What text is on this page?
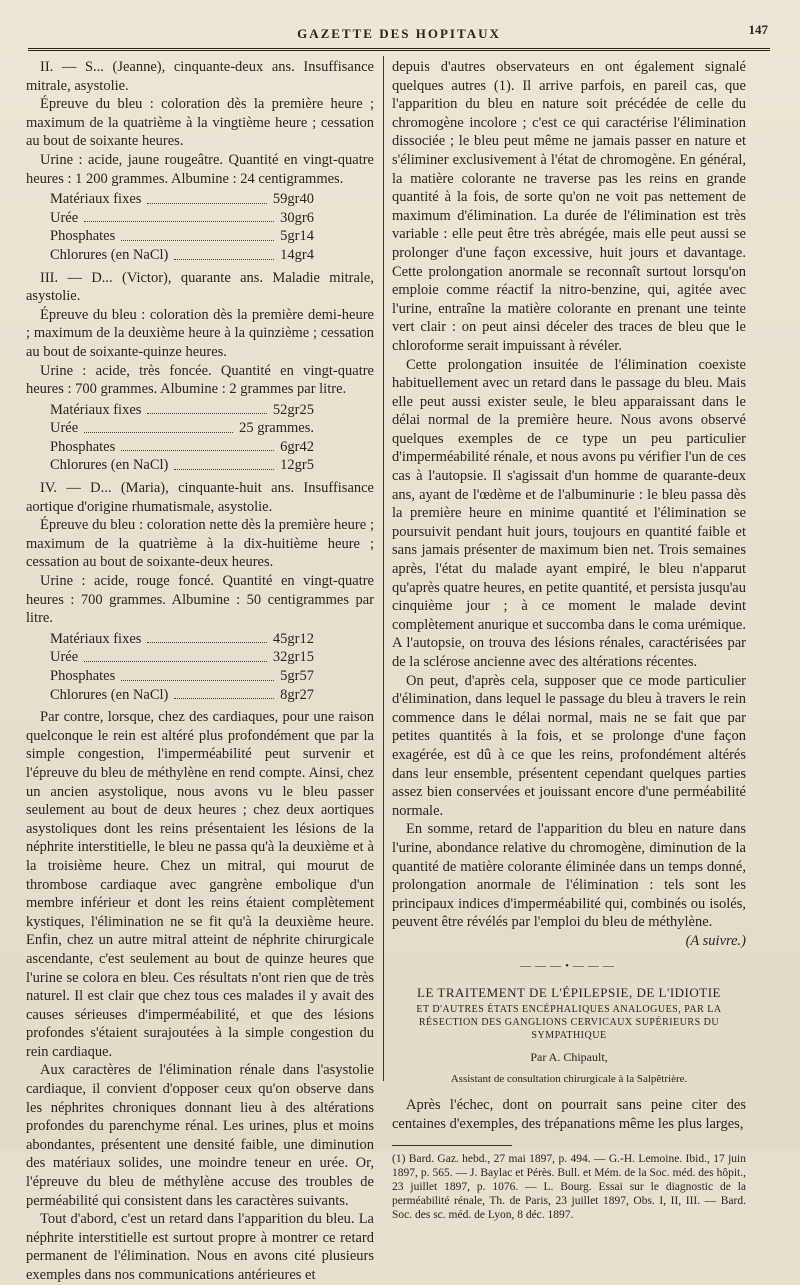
GAZETTE DES HOPITAUX	147

II. — S... (Jeanne), cinquante-deux ans. Insuffisance mitrale, asystolie.

Épreuve du bleu : coloration dès la première heure ; maximum de la quatrième à la vingtième heure ; cessation au bout de soixante heures.

Urine : acide, jaune rougeâtre. Quantité en vingt-quatre heures : 1 200 grammes. Albumine : 24 centigrammes.

Matériaux fixes	59gr40
Urée	30gr6
Phosphates	5gr14
Chlorures (en NaCl)	14gr4

III. — D... (Victor), quarante ans. Maladie mitrale, asystolie.

Épreuve du bleu : coloration dès la première demi-heure ; maximum de la deuxième heure à la quinzième ; cessation au bout de soixante-quinze heures.

Urine : acide, très foncée. Quantité en vingt-quatre heures : 700 grammes. Albumine : 2 grammes par litre.

Matériaux fixes	52gr25
Urée	25 grammes.
Phosphates	6gr42
Chlorures (en NaCl)	12gr5

IV. — D... (Maria), cinquante-huit ans. Insuffisance aortique d'origine rhumatismale, asystolie.

Épreuve du bleu : coloration nette dès la première heure ; maximum de la quatrième à la dix-huitième heure ; cessation au bout de soixante-deux heures.

Urine : acide, rouge foncé. Quantité en vingt-quatre heures : 700 grammes. Albumine : 50 centigrammes par litre.

Matériaux fixes	45gr12
Urée	32gr15
Phosphates	5gr57
Chlorures (en NaCl)	8gr27

Par contre, lorsque, chez des cardiaques, pour une raison quelconque le rein est altéré plus profondément que par la simple congestion, l'imperméabilité peut survenir et l'épreuve du bleu de méthylène en rend compte. Ainsi, chez un ancien asystolique, nous avons vu le bleu passer seulement au bout de deux heures ; chez deux aortiques asystoliques dont les reins présentaient les lésions de la néphrite interstitielle, le bleu ne passa qu'à la deuxième et à la troisième heure. Chez un mitral, qui mourut de thrombose cardiaque avec gangrène embolique d'un membre inférieur et dont les reins étaient complètement kystiques, l'élimination ne se fit qu'à la deuxième heure. Enfin, chez un autre mitral atteint de néphrite chirurgicale ascendante, c'est seulement au bout de quinze heures que l'urine se colora en bleu. Ces résultats n'ont rien que de très naturel. Il est clair que chez tous ces malades il y avait des causes sérieuses d'imperméabilité, et que des lésions profondes s'étaient surajoutées à la simple congestion du rein cardiaque.

Aux caractères de l'élimination rénale dans l'asystolie cardiaque, il convient d'opposer ceux qu'on observe dans les néphrites chroniques donnant lieu à des altérations profondes du parenchyme rénal. Les urines, plus et moins abondantes, présentent une densité faible, une diminution des matériaux solides, une moindre teneur en urée. Or, l'épreuve du bleu de méthylène accuse des troubles de perméabilité qui consistent dans les caractères suivants.

Tout d'abord, c'est un retard dans l'apparition du bleu. La néphrite interstitielle est surtout propre à montrer ce retard permanent de l'élimination. Nous en avons cité plusieurs exemples dans nos communications antérieures et

depuis d'autres observateurs en ont également signalé quelques autres (1). Il arrive parfois, en pareil cas, que l'apparition du bleu en nature soit précédée de celle du chromogène incolore ; c'est ce qui caractérise l'élimination dissociée ; le bleu peut même ne jamais passer en nature et s'éliminer exclusivement à l'état de chromogène. En général, la matière colorante ne traverse pas les reins en grande quantité à la fois, de sorte qu'on ne voit pas nettement de maximum d'élimination. La durée de l'élimination est très variable : elle peut être très abrégée, mais elle peut aussi se prolonger d'une façon excessive, huit jours et davantage. Cette prolongation anormale se reconnaît surtout lorsqu'on emploie comme réactif la nitro-benzine, qui, agitée avec l'urine, entraîne la matière colorante en prenant une teinte vert clair : on peut ainsi déceler des traces de bleu que le chloroforme serait impuissant à révéler.

Cette prolongation insuitée de l'élimination coexiste habituellement avec un retard dans le passage du bleu. Mais elle peut aussi exister seule, le bleu apparaissant dans le délai normal de la première heure. Nous avons observé quelques exemples de ce type un peu particulier d'imperméabilité rénale, et nous avons pu vérifier l'un de ces cas à l'autopsie. Il s'agissait d'un homme de quarante-deux ans, ayant de l'œdème et de l'albuminurie : le bleu passa dès la première heure en minime quantité et l'élimination se poursuivit pendant huit jours, toujours en quantité faible et sans jamais présenter de maximum bien net. Trois semaines après, l'état du malade ayant empiré, le bleu n'apparut qu'après quatre heures, en petite quantité, et persista jusqu'au cinquième jour ; à ce moment le malade devint complètement anurique et succomba dans le coma urémique. A l'autopsie, on trouva des lésions rénales, caractérisées par de la sclérose ancienne avec des altérations récentes.

On peut, d'après cela, supposer que ce mode particulier d'élimination, dans lequel le passage du bleu à travers le rein commence dans le délai normal, mais ne se fait que par petites quantités à la fois, et se prolonge d'une façon exagérée, est dû à ce que les reins, profondément altérés dans leur ensemble, présentent cependant quelques parties assez bien conservées et jouissant encore d'une perméabilité normale.

En somme, retard de l'apparition du bleu en nature dans l'urine, abondance relative du chromogène, diminution de la quantité de matière colorante éliminée dans un temps donné, prolongation anormale de l'élimination : tels sont les principaux indices d'imperméabilité qui, combinés ou isolés, peuvent être révélés par l'emploi du bleu de méthylène.

(A suivre.)

———•———
LE TRAITEMENT DE L'ÉPILEPSIE, DE L'IDIOTIE
ET D'AUTRES ÉTATS ENCÉPHALIQUES ANALOGUES, PAR LA RÉSECTION DES GANGLIONS CERVICAUX SUPÉRIEURS DU SYMPATHIQUE
Par A. Chipault,
Assistant de consultation chirurgicale à la Salpêtrière.

Après l'échec, dont on pourrait sans peine citer des centaines d'exemples, des trépanations même les plus larges,

(1) Bard. Gaz. hebd., 27 mai 1897, p. 494. — G.-H. Lemoine. Ibid., 17 juin 1897, p. 565. — J. Baylac et Pérès. Bull. et Mém. de la Soc. méd. des hôpit., 23 juillet 1897, p. 1076. — L. Bourg. Essai sur le diagnostic de la perméabilité rénale, Th. de Paris, 23 juillet 1897, Obs. I, II, III. — Bard. Soc. des sc. méd. de Lyon, 8 déc. 1897.
